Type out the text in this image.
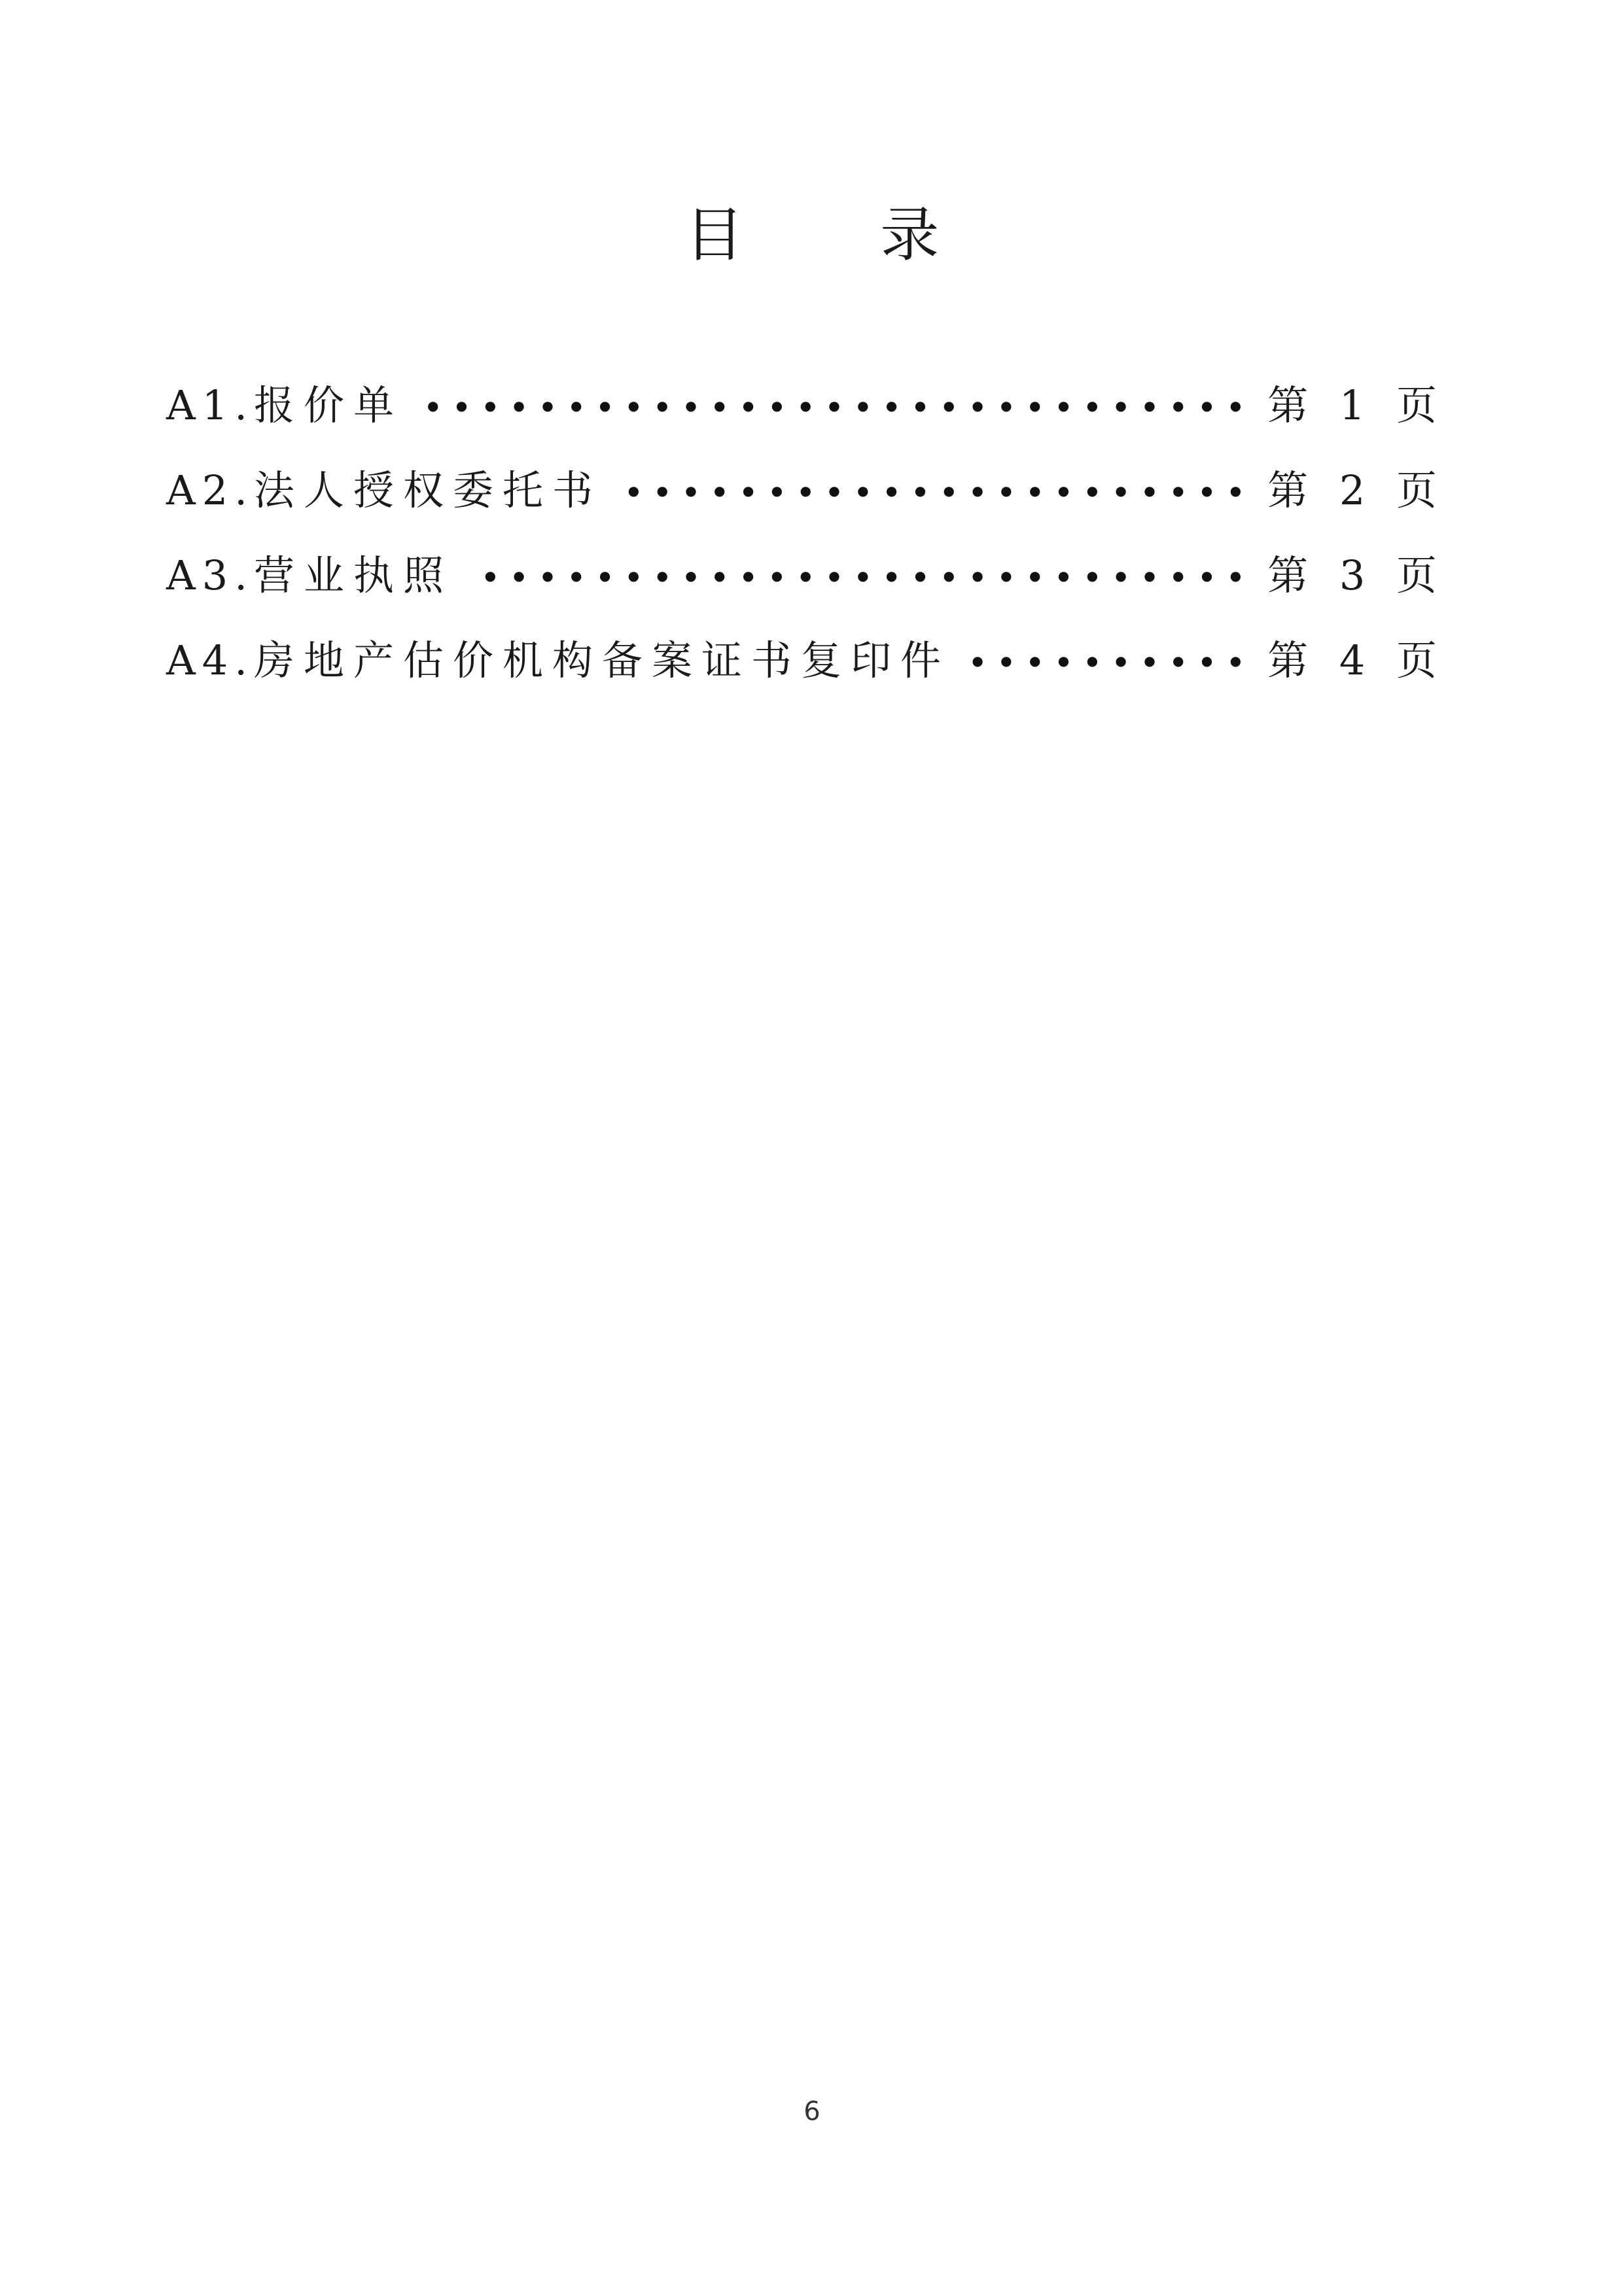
目 录
A1.报价单 ● ● ● ● ● ● ● ● ● ● ● ● ● ● ● ● ● ● ● ● ● ● ● ● ● ● ● ● ● ● ● ● ● ● ● ● ● ● ● ● ● ● ● ● ● ● ● ●	第 1 页
A2.法人授权委托书 ● ● ● ● ● ● ● ● ● ● ● ● ● ● ● ● ● ● ● ● ● ● ● ● ● ● ● ● ● ● ● ● ● ● ● ● ● ● ● ● ● ● ● ● ● ● ● ●	第 2 页
A3.营业执照 ● ● ● ● ● ● ● ● ● ● ● ● ● ● ● ● ● ● ● ● ● ● ● ● ● ● ● ● ● ● ● ● ● ● ● ● ● ● ● ● ● ● ● ● ● ● ● ●	第 3 页
A4.房地产估价机构备案证书复印件 ● ● ● ● ● ● ● ● ● ● ● ● ● ● ● ● ● ● ● ● ● ● ● ● ● ● ● ● ● ● ● ● ● ● ● ● ● ● ● ● ● ● ● ● ● ● ● ●	第 4 页
6
